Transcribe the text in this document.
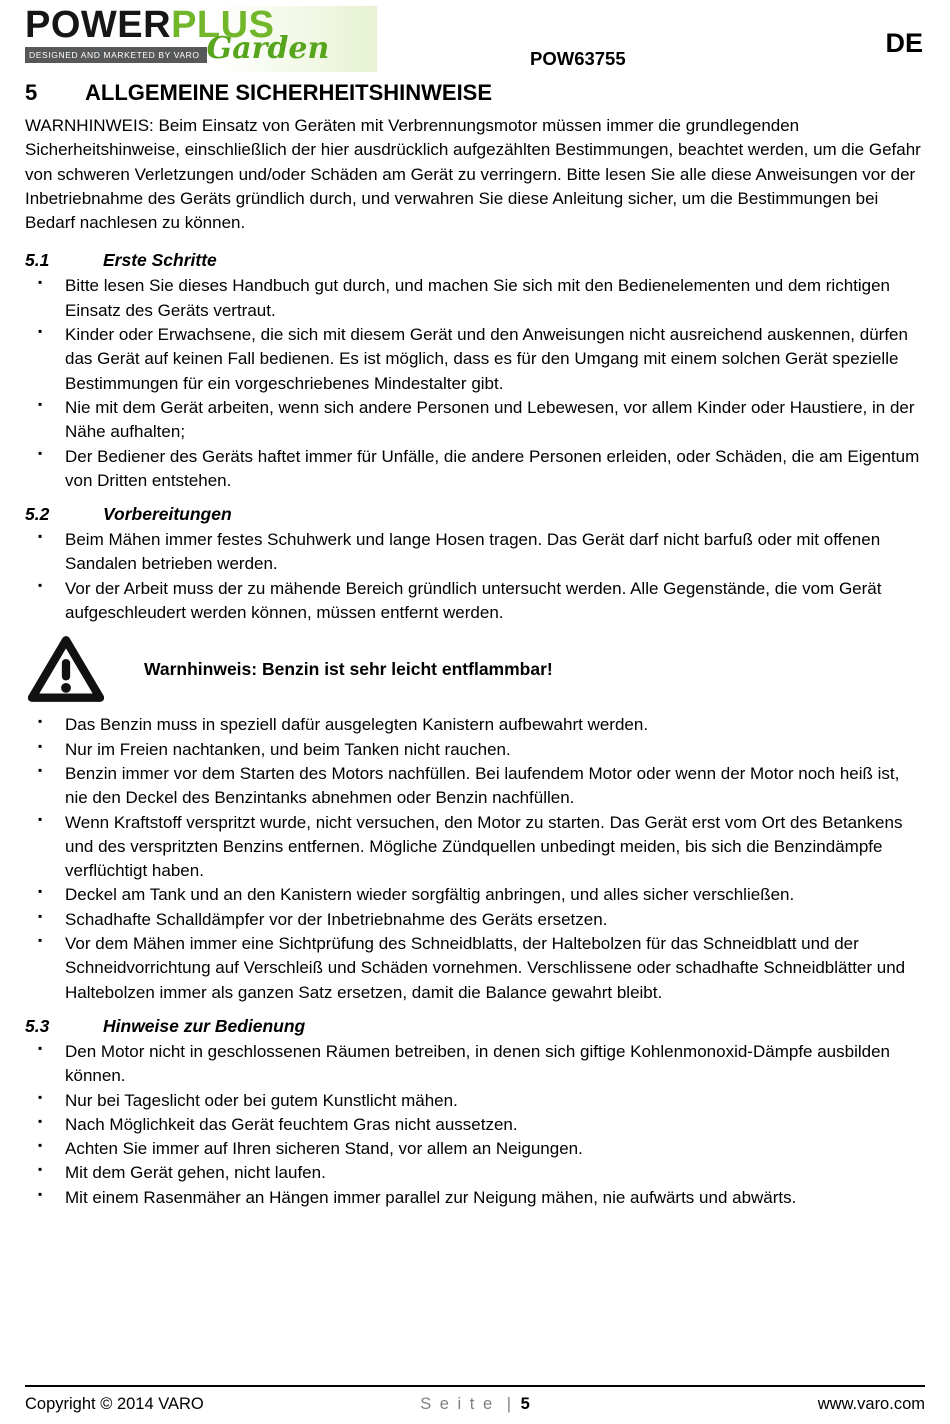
POWERPLUS
DESIGNED AND MARKETED BY VARO Garden	POW63755
DE
5	ALLGEMEINE SICHERHEITSHINWEISE

WARNHINWEIS: Beim Einsatz von Geräten mit Verbrennungsmotor müssen immer die grundlegenden Sicherheitshinweise, einschließlich der hier ausdrücklich aufgezählten Bestimmungen, beachtet werden, um die Gefahr von schweren Verletzungen und/oder Schäden am Gerät zu verringern. Bitte lesen Sie alle diese Anweisungen vor der Inbetriebnahme des Geräts gründlich durch, und verwahren Sie diese Anleitung sicher, um die Bestimmungen bei Bedarf nachlesen zu können.

5.1	Erste Schritte
▪ Bitte lesen Sie dieses Handbuch gut durch, und machen Sie sich mit den Bedienelementen und dem richtigen Einsatz des Geräts vertraut.
▪ Kinder oder Erwachsene, die sich mit diesem Gerät und den Anweisungen nicht ausreichend auskennen, dürfen das Gerät auf keinen Fall bedienen. Es ist möglich, dass es für den Umgang mit einem solchen Gerät spezielle Bestimmungen für ein vorgeschriebenes Mindestalter gibt.
▪ Nie mit dem Gerät arbeiten, wenn sich andere Personen und Lebewesen, vor allem Kinder oder Haustiere, in der Nähe aufhalten;
▪ Der Bediener des Geräts haftet immer für Unfälle, die andere Personen erleiden, oder Schäden, die am Eigentum von Dritten entstehen.
5.2	Vorbereitungen
▪ Beim Mähen immer festes Schuhwerk und lange Hosen tragen. Das Gerät darf nicht barfuß oder mit offenen Sandalen betrieben werden.
▪ Vor der Arbeit muss der zu mähende Bereich gründlich untersucht werden. Alle Gegenstände, die vom Gerät aufgeschleudert werden können, müssen entfernt werden.
Warnhinweis: Benzin ist sehr leicht entflammbar!
▪ Das Benzin muss in speziell dafür ausgelegten Kanistern aufbewahrt werden.
▪ Nur im Freien nachtanken, und beim Tanken nicht rauchen.
▪ Benzin immer vor dem Starten des Motors nachfüllen. Bei laufendem Motor oder wenn der Motor noch heiß ist, nie den Deckel des Benzintanks abnehmen oder Benzin nachfüllen.
▪ Wenn Kraftstoff verspritzt wurde, nicht versuchen, den Motor zu starten. Das Gerät erst vom Ort des Betankens und des verspritzten Benzins entfernen. Mögliche Zündquellen unbedingt meiden, bis sich die Benzindämpfe verflüchtigt haben.
▪ Deckel am Tank und an den Kanistern wieder sorgfältig anbringen, und alles sicher verschließen.
▪ Schadhafte Schalldämpfer vor der Inbetriebnahme des Geräts ersetzen.
▪ Vor dem Mähen immer eine Sichtprüfung des Schneidblatts, der Haltebolzen für das Schneidblatt und der Schneidvorrichtung auf Verschleiß und Schäden vornehmen. Verschlissene oder schadhafte Schneidblätter und Haltebolzen immer als ganzen Satz ersetzen, damit die Balance gewahrt bleibt.
5.3	Hinweise zur Bedienung
▪ Den Motor nicht in geschlossenen Räumen betreiben, in denen sich giftige Kohlenmonoxid-Dämpfe ausbilden können.
▪ Nur bei Tageslicht oder bei gutem Kunstlicht mähen.
▪ Nach Möglichkeit das Gerät feuchtem Gras nicht aussetzen.
▪ Achten Sie immer auf Ihren sicheren Stand, vor allem an Neigungen.
▪ Mit dem Gerät gehen, nicht laufen.
▪ Mit einem Rasenmäher an Hängen immer parallel zur Neigung mähen, nie aufwärts und abwärts.
Copyright © 2014 VARO	S e i t e | 5	www.varo.com
